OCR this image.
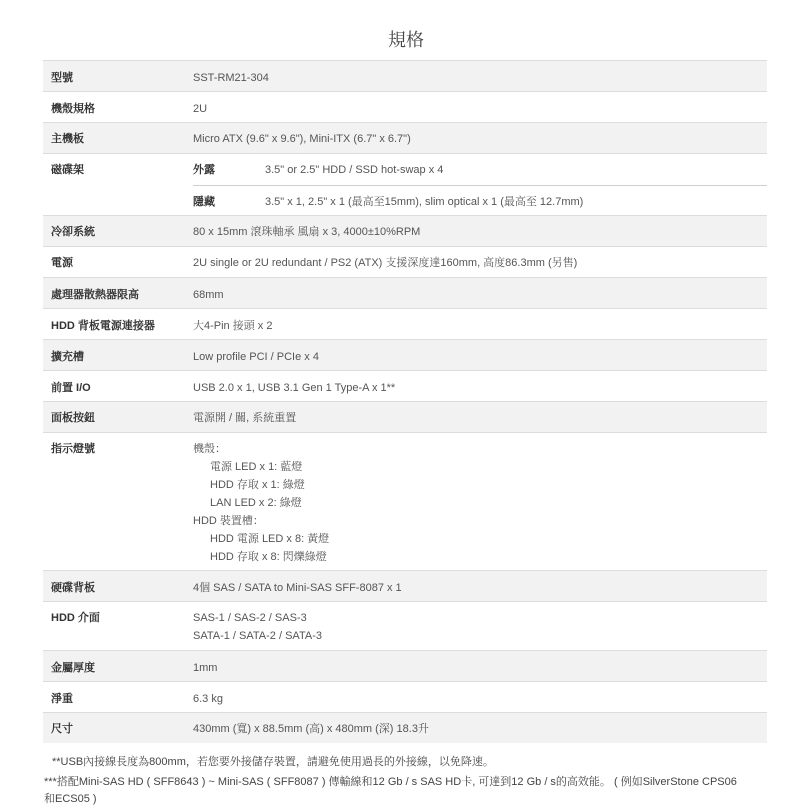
規格
型號	SST-RM21-304
機殼規格	2U
主機板	Micro ATX (9.6" x 9.6"), Mini-ITX (6.7" x 6.7")
磁碟架	外露	3.5" or 2.5" HDD / SSD hot-swap x 4
隱藏	3.5" x 1, 2.5" x 1 (最高至15mm), slim optical x 1 (最高至 12.7mm)
冷卻系統	80 x 15mm 滾珠軸承 風扇 x 3, 4000±10%RPM
電源	2U single or 2U redundant / PS2 (ATX) 支援深度達160mm, 高度86.3mm (另售)
處理器散熱器限高	68mm
HDD 背板電源連接器	大4-Pin 接頭 x 2
擴充槽	Low profile PCI / PCIe x 4
前置 I/O	USB 2.0 x 1, USB 3.1 Gen 1 Type-A x 1**
面板按鈕	電源開 / 關, 系統重置
指示燈號	機殼：
電源 LED x 1: 藍燈
HDD 存取 x 1: 綠燈
LAN LED x 2: 綠燈
HDD 裝置槽：
HDD 電源 LED x 8: 黃燈
HDD 存取 x 8: 閃爍綠燈
硬碟背板	4個 SAS / SATA to Mini-SAS SFF-8087 x 1
HDD 介面	SAS-1 / SAS-2 / SAS-3
SATA-1 / SATA-2 / SATA-3
金屬厚度	1mm
淨重	6.3 kg
尺寸	430mm (寬) x 88.5mm (高) x 480mm (深) 18.3升
**USB內接線長度為800mm，若您要外接儲存裝置，請避免使用過長的外接線，以免降速。
***搭配Mini-SAS HD ( SFF8643 ) ~ Mini-SAS ( SFF8087 ) 傳輸線和12 Gb / s SAS HD卡, 可達到12 Gb / s的高效能。 ( 例如SilverStone CPS06
和ECS05 )
